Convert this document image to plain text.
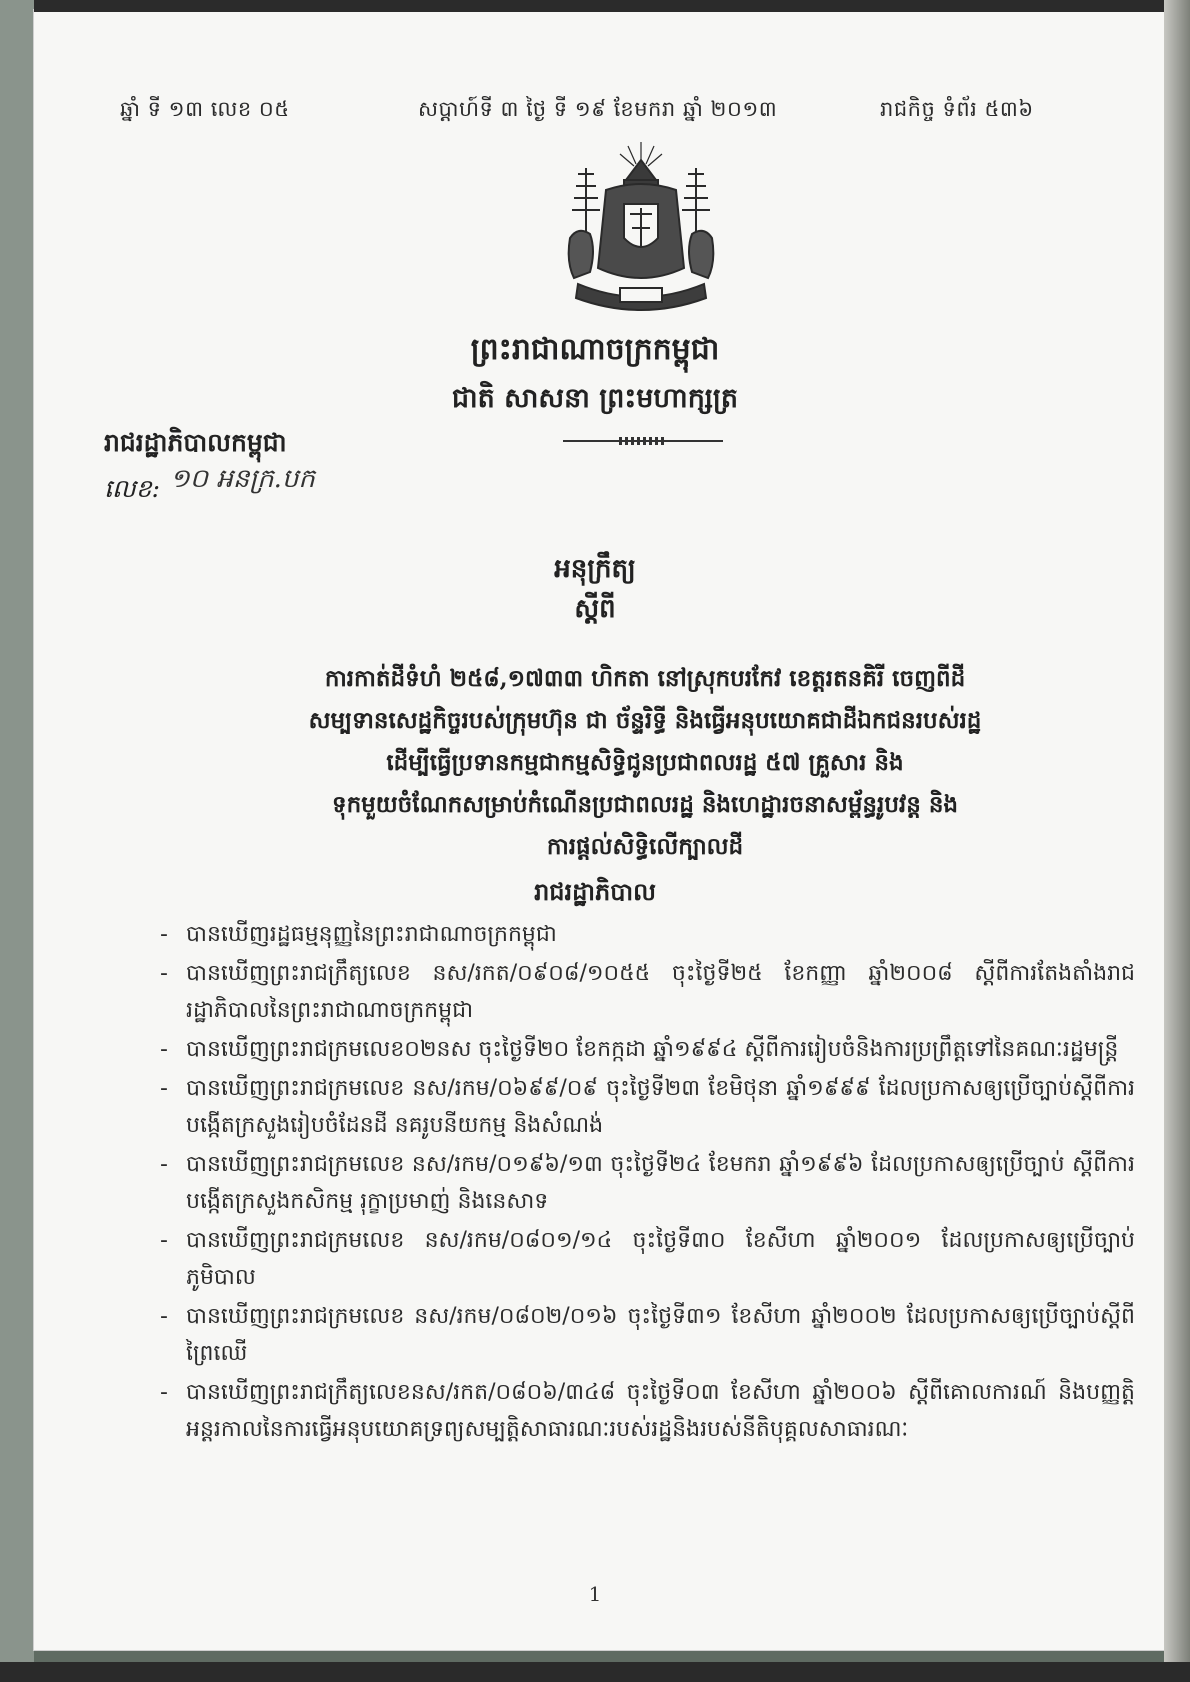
ឆ្នាំ ទី ១៣ លេខ ០៥	សប្តាហ៍ទី ៣ ថ្ងៃ ទី ១៩ ខែមករា ឆ្នាំ ២០១៣	រាជកិច្ច ទំព័រ ៥៣៦
ព្រះរាជាណាចក្រកម្ពុជា
ជាតិ សាសនា ព្រះមហាក្សត្រ
រាជរដ្ឋាភិបាលកម្ពុជា
លេខ: ១០ អនក្រ.បក
អនុក្រឹត្យ
ស្តីពី
ការកាត់ដីទំហំ ២៥៨,១៧៣៣ ហិកតា នៅស្រុកបរកែវ ខេត្តរតនគិរី ចេញពីដី
សម្បទានសេដ្ឋកិច្ចរបស់ក្រុមហ៊ុន ជា ច័ន្ទរិទ្ធី និងធ្វើអនុបយោគជាដីឯកជនរបស់រដ្ឋ
ដើម្បីធ្វើប្រទានកម្មជាកម្មសិទ្ធិជូនប្រជាពលរដ្ឋ ៥៧ គ្រួសារ និង
ទុកមួយចំណែកសម្រាប់កំណើនប្រជាពលរដ្ឋ និងហេដ្ឋារចនាសម្ព័ន្ធរូបវន្ត និង
ការផ្តល់សិទ្ធិលើក្បាលដី
រាជរដ្ឋាភិបាល
- បានឃើញរដ្ឋធម្មនុញ្ញនៃព្រះរាជាណាចក្រកម្ពុជា
- បានឃើញព្រះរាជក្រឹត្យលេខ នស/រកត/០៩០៨/១០៥៥ ចុះថ្ងៃទី២៥ ខែកញ្ញា ឆ្នាំ២០០៨ ស្តីពីការតែងតាំងរាជរដ្ឋាភិបាលនៃព្រះរាជាណាចក្រកម្ពុជា
- បានឃើញព្រះរាជក្រមលេខ០២នស ចុះថ្ងៃទី២០ ខែកក្កដា ឆ្នាំ១៩៩៤ ស្តីពីការរៀបចំនិងការប្រព្រឹត្តទៅនៃគណៈរដ្ឋមន្ត្រី
- បានឃើញព្រះរាជក្រមលេខ នស/រកម/០៦៩៩/០៩ ចុះថ្ងៃទី២៣ ខែមិថុនា ឆ្នាំ១៩៩៩ ដែលប្រកាសឲ្យប្រើច្បាប់ស្តីពីការបង្កើតក្រសួងរៀបចំដែនដី នគរូបនីយកម្ម និងសំណង់
- បានឃើញព្រះរាជក្រមលេខ នស/រកម/០១៩៦/១៣ ចុះថ្ងៃទី២៤ ខែមករា ឆ្នាំ១៩៩៦ ដែលប្រកាសឲ្យប្រើច្បាប់ ស្តីពីការបង្កើតក្រសួងកសិកម្ម រុក្ខាប្រមាញ់ និងនេសាទ
- បានឃើញព្រះរាជក្រមលេខ នស/រកម/០៨០១/១៤ ចុះថ្ងៃទី៣០ ខែសីហា ឆ្នាំ២០០១ ដែលប្រកាសឲ្យប្រើច្បាប់ភូមិបាល
- បានឃើញព្រះរាជក្រមលេខ នស/រកម/០៨០២/០១៦ ចុះថ្ងៃទី៣១ ខែសីហា ឆ្នាំ២០០២ ដែលប្រកាសឲ្យប្រើច្បាប់ស្តីពីព្រៃឈើ
- បានឃើញព្រះរាជក្រឹត្យលេខនស/រកត/០៨០៦/៣៤៨ ចុះថ្ងៃទី០៣ ខែសីហា ឆ្នាំ២០០៦ ស្តីពីគោលការណ៍ និងបញ្ញត្តិអន្តរកាលនៃការធ្វើអនុបយោគទ្រព្យសម្បត្តិសាធារណៈរបស់រដ្ឋនិងរបស់នីតិបុគ្គលសាធារណៈ
1
